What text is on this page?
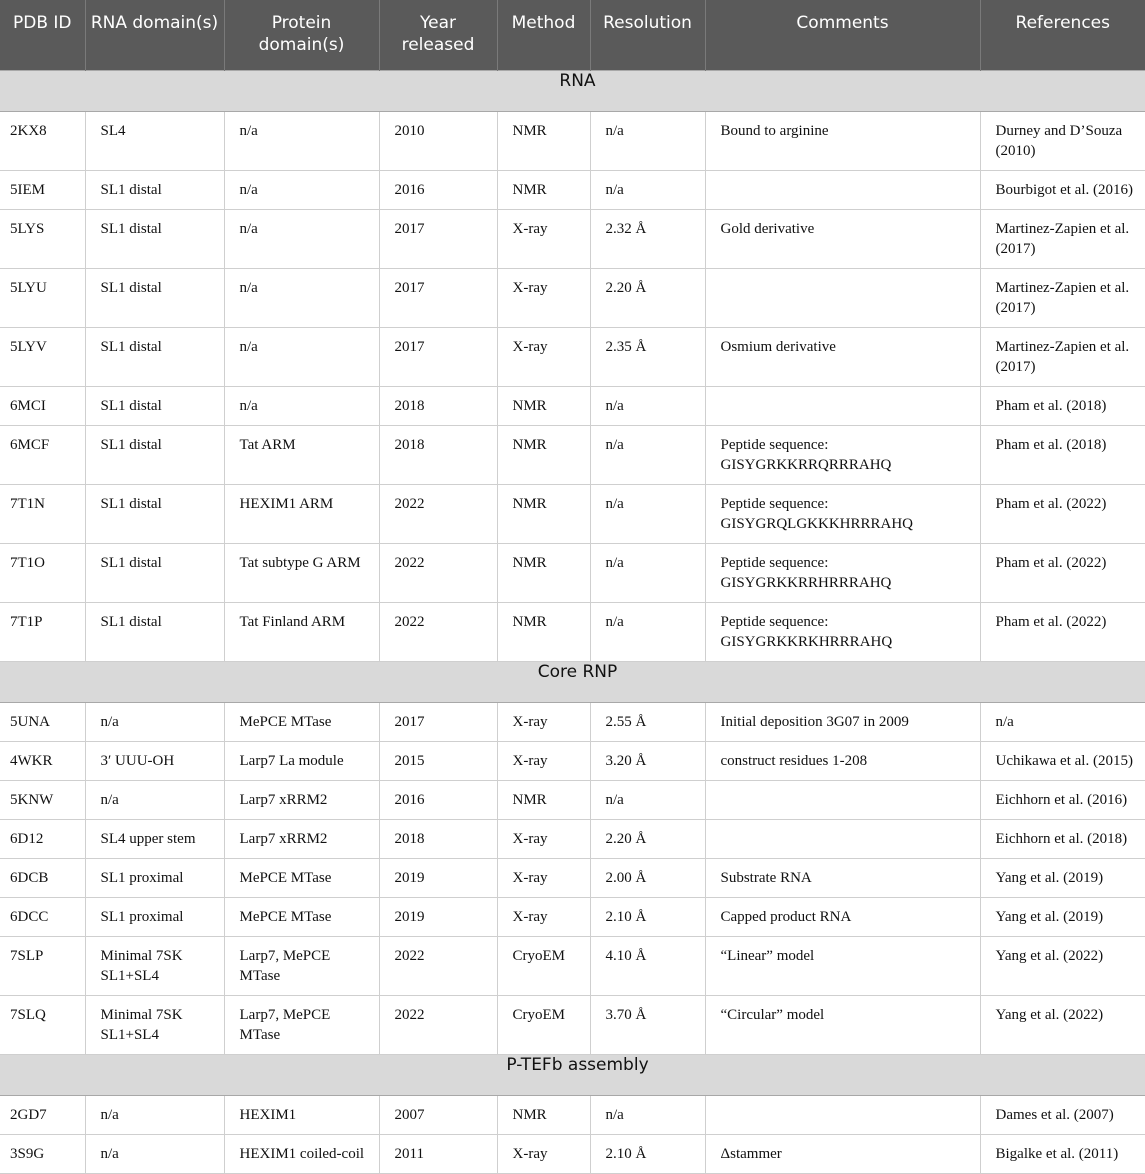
PDB ID	RNA domain(s)	Protein domain(s)	Year released	Method	Resolution	Comments	References
RNA							
2KX8	SL4	n/a	2010	NMR	n/a	Bound to arginine	Durney and D’Souza (2010)
5IEM	SL1 distal	n/a	2016	NMR	n/a		Bourbigot et al. (2016)
5LYS	SL1 distal	n/a	2017	X-ray	2.32 Å	Gold derivative	Martinez-Zapien et al. (2017)
5LYU	SL1 distal	n/a	2017	X-ray	2.20 Å		Martinez-Zapien et al. (2017)
5LYV	SL1 distal	n/a	2017	X-ray	2.35 Å	Osmium derivative	Martinez-Zapien et al. (2017)
6MCI	SL1 distal	n/a	2018	NMR	n/a		Pham et al. (2018)
6MCF	SL1 distal	Tat ARM	2018	NMR	n/a	Peptide sequence: GISYGRKKRRQRRRAHQ	Pham et al. (2018)
7T1N	SL1 distal	HEXIM1 ARM	2022	NMR	n/a	Peptide sequence: GISYGRQLGKKKHRRRAHQ	Pham et al. (2022)
7T1O	SL1 distal	Tat subtype G ARM	2022	NMR	n/a	Peptide sequence: GISYGRKKRRHRRRAHQ	Pham et al. (2022)
7T1P	SL1 distal	Tat Finland ARM	2022	NMR	n/a	Peptide sequence: GISYGRKKRKHRRRAHQ	Pham et al. (2022)
Core RNP							
5UNA	n/a	MePCE MTase	2017	X-ray	2.55 Å	Initial deposition 3G07 in 2009	n/a
4WKR	3′ UUU-OH	Larp7 La module	2015	X-ray	3.20 Å	construct residues 1-208	Uchikawa et al. (2015)
5KNW	n/a	Larp7 xRRM2	2016	NMR	n/a		Eichhorn et al. (2016)
6D12	SL4 upper stem	Larp7 xRRM2	2018	X-ray	2.20 Å		Eichhorn et al. (2018)
6DCB	SL1 proximal	MePCE MTase	2019	X-ray	2.00 Å	Substrate RNA	Yang et al. (2019)
6DCC	SL1 proximal	MePCE MTase	2019	X-ray	2.10 Å	Capped product RNA	Yang et al. (2019)
7SLP	Minimal 7SK SL1+SL4	Larp7, MePCE MTase	2022	CryoEM	4.10 Å	“Linear” model	Yang et al. (2022)
7SLQ	Minimal 7SK SL1+SL4	Larp7, MePCE MTase	2022	CryoEM	3.70 Å	“Circular” model	Yang et al. (2022)
P-TEFb assembly							
2GD7	n/a	HEXIM1	2007	NMR	n/a		Dames et al. (2007)
3S9G	n/a	HEXIM1 coiled-coil	2011	X-ray	2.10 Å	Δstammer	Bigalke et al. (2011)
